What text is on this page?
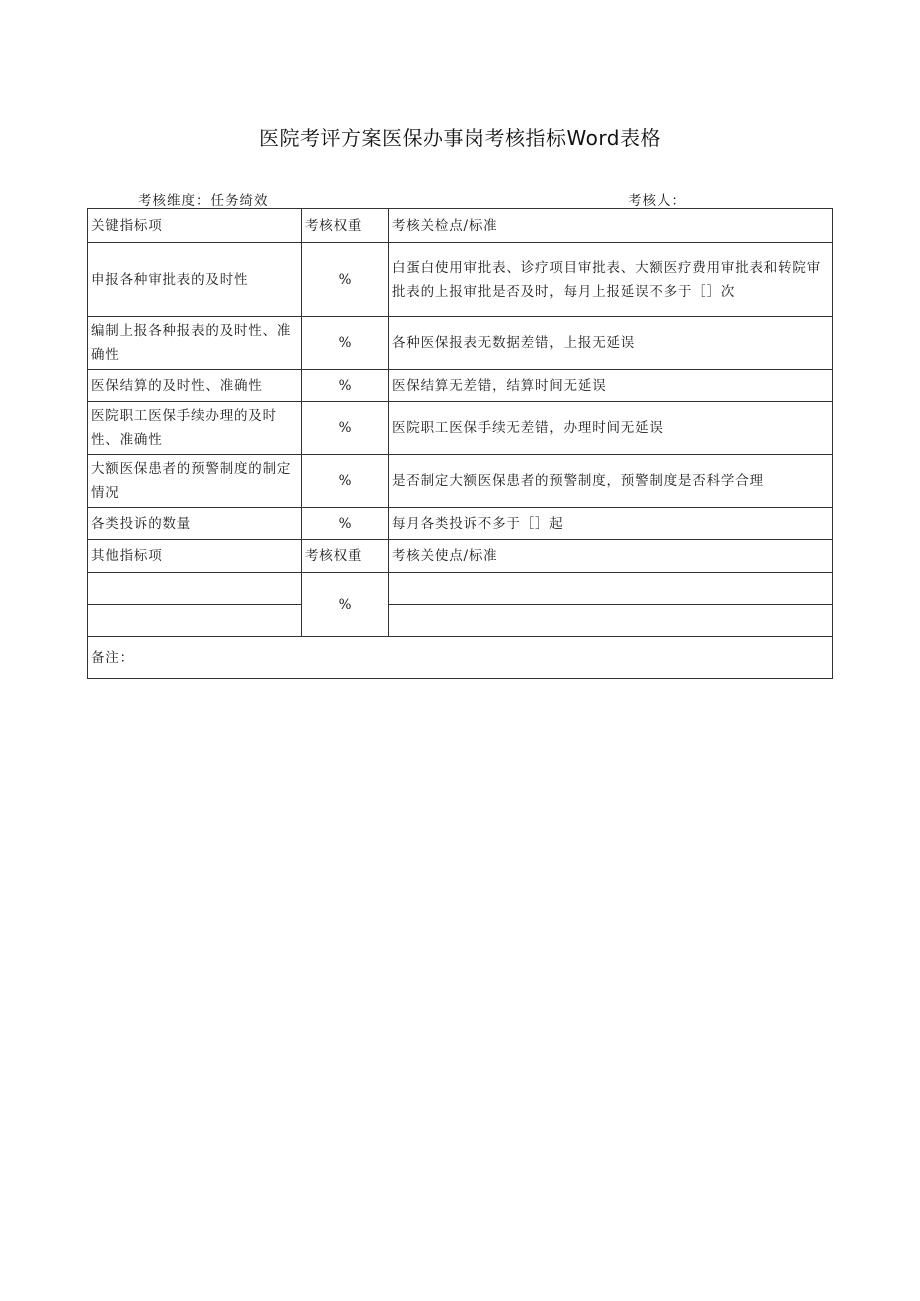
医院考评方案医保办事岗考核指标Word表格
考核维度：任务绮效	考核人：
关键指标项	考核权重	考核关检点/标准
申报各种审批表的及时性	%	白蛋白使用审批表、诊疗项目审批表、大额医疗费用审批表和转院审批表的上报审批是否及时，每月上报延误不多于［］次
编制上报各种报表的及时性、准确性	%	各种医保报表无数据差错，上报无延误
医保结算的及时性、准确性	%	医保结算无差错，结算时间无延误
医院职工医保手续办理的及时性、准确性	%	医院职工医保手续无差错，办理时间无延误
大额医保患者的预警制度的制定情况	%	是否制定大额医保患者的预警制度，预警制度是否科学合理
各类投诉的数量	%	每月各类投诉不多于［］起
其他指标项	考核权重	考核关使点/标准
	%	

备注：		
